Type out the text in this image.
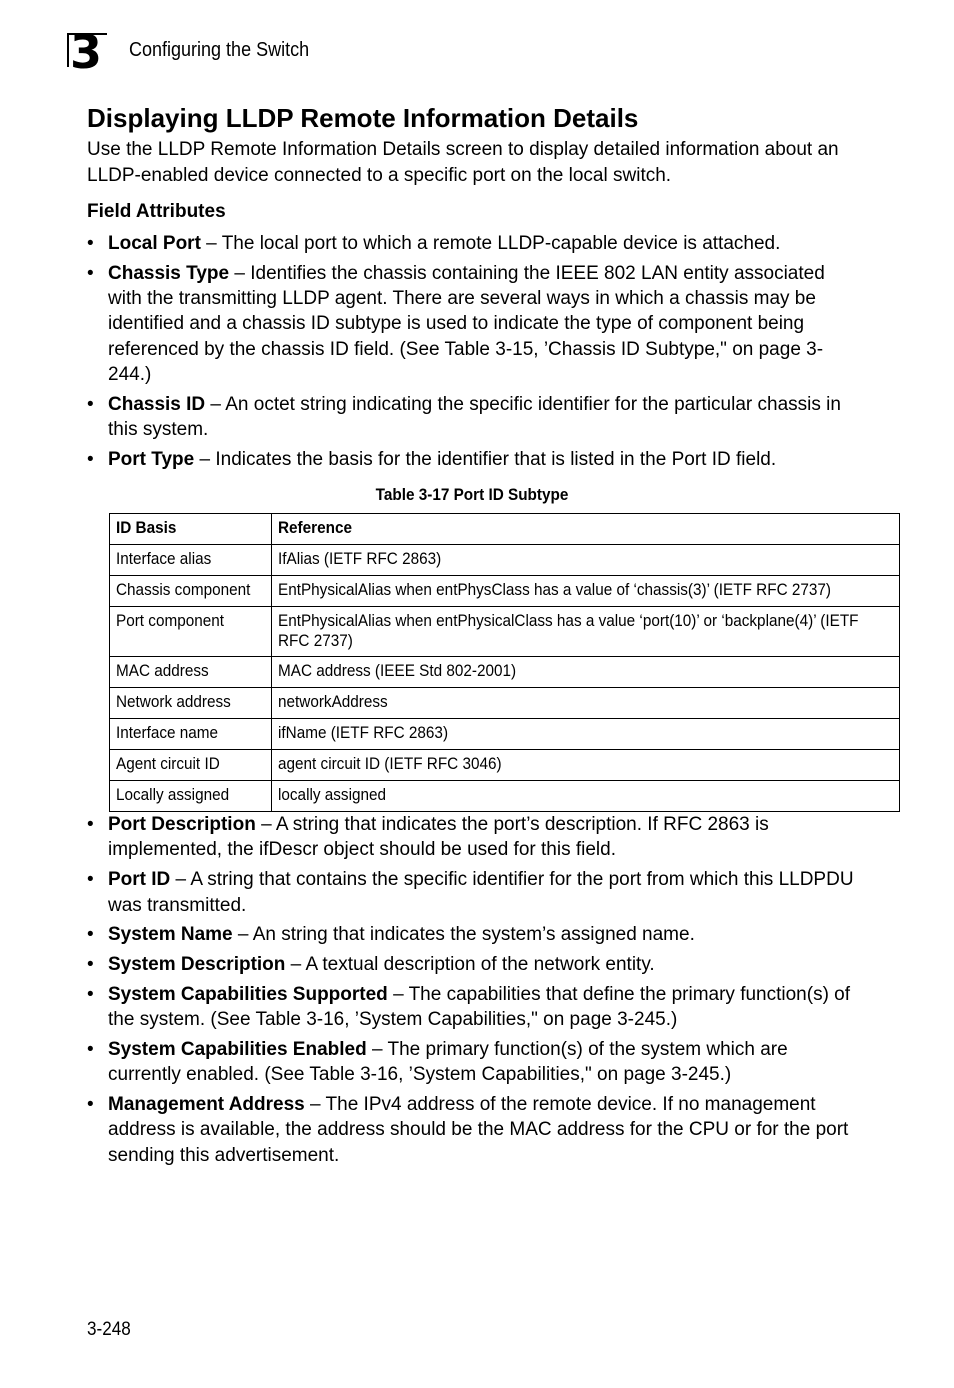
3 Configuring the Switch
Displaying LLDP Remote Information Details

Use the LLDP Remote Information Details screen to display detailed information about an LLDP-enabled device connected to a specific port on the local switch.

Field Attributes
• Local Port – The local port to which a remote LLDP-capable device is attached.
• Chassis Type – Identifies the chassis containing the IEEE 802 LAN entity associated with the transmitting LLDP agent. There are several ways in which a chassis may be identified and a chassis ID subtype is used to indicate the type of component being referenced by the chassis ID field. (See Table 3-15, ’Chassis ID Subtype," on page 3-244.)
• Chassis ID – An octet string indicating the specific identifier for the particular chassis in this system.
• Port Type – Indicates the basis for the identifier that is listed in the Port ID field.
Table 3-17 Port ID Subtype
ID Basis	Reference
Interface alias	IfAlias (IETF RFC 2863)
Chassis component	EntPhysicalAlias when entPhysClass has a value of ‘chassis(3)’ (IETF RFC 2737)
Port component	EntPhysicalAlias when entPhysicalClass has a value ‘port(10)’ or ‘backplane(4)’ (IETF RFC 2737)

MAC address	MAC address (IEEE Std 802-2001)
Network address	networkAddress
Interface name	ifName (IETF RFC 2863)
Agent circuit ID	agent circuit ID (IETF RFC 3046)
Locally assigned	locally assigned
• Port Description – A string that indicates the port’s description. If RFC 2863 is implemented, the ifDescr object should be used for this field.
• Port ID – A string that contains the specific identifier for the port from which this LLDPDU was transmitted.
• System Name – An string that indicates the system’s assigned name.
• System Description – A textual description of the network entity.
• System Capabilities Supported – The capabilities that define the primary function(s) of the system. (See Table 3-16, ’System Capabilities," on page 3-245.)
• System Capabilities Enabled – The primary function(s) of the system which are currently enabled. (See Table 3-16, ’System Capabilities," on page 3-245.)
• Management Address – The IPv4 address of the remote device. If no management address is available, the address should be the MAC address for the CPU or for the port sending this advertisement.
3-248
